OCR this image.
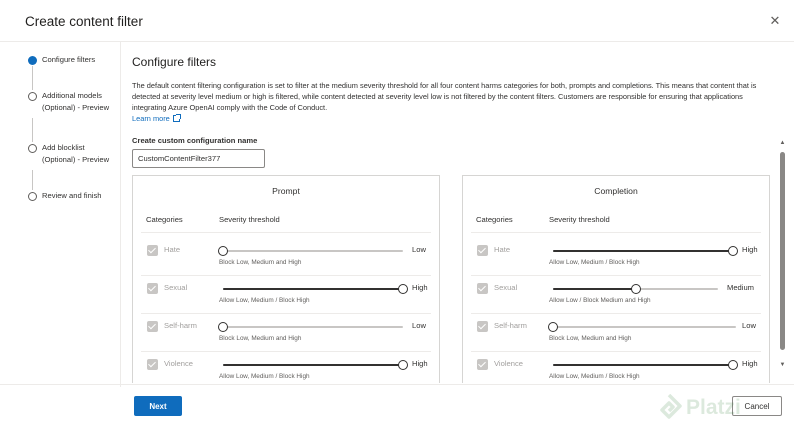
Create content filter	✕
Configure filters
Additional models (Optional) - Preview
Add blocklist (Optional) - Preview
Review and finish
Configure filters
The default content filtering configuration is set to filter at the medium severity threshold for all four content harms categories for both, prompts and completions. This means that content that is detected at severity level medium or high is filtered, while content detected at severity level low is not filtered by the content filters. Customers are responsible for ensuring that applications integrating Azure OpenAI comply with the Code of Conduct.
Learn more
Create custom configuration name
CustomContentFilter377
Prompt
Categories	Severity threshold
Hate	Low
Block Low, Medium and High
Sexual	High
Allow Low, Medium / Block High
Self-harm	Low
Block Low, Medium and High
Violence	High
Allow Low, Medium / Block High
Completion
Categories	Severity threshold
Hate	High
Allow Low, Medium / Block High
Sexual	Medium
Allow Low / Block Medium and High
Self-harm	Low
Block Low, Medium and High
Violence	High
Allow Low, Medium / Block High
▲
▼
Next	Cancel
Platzi
